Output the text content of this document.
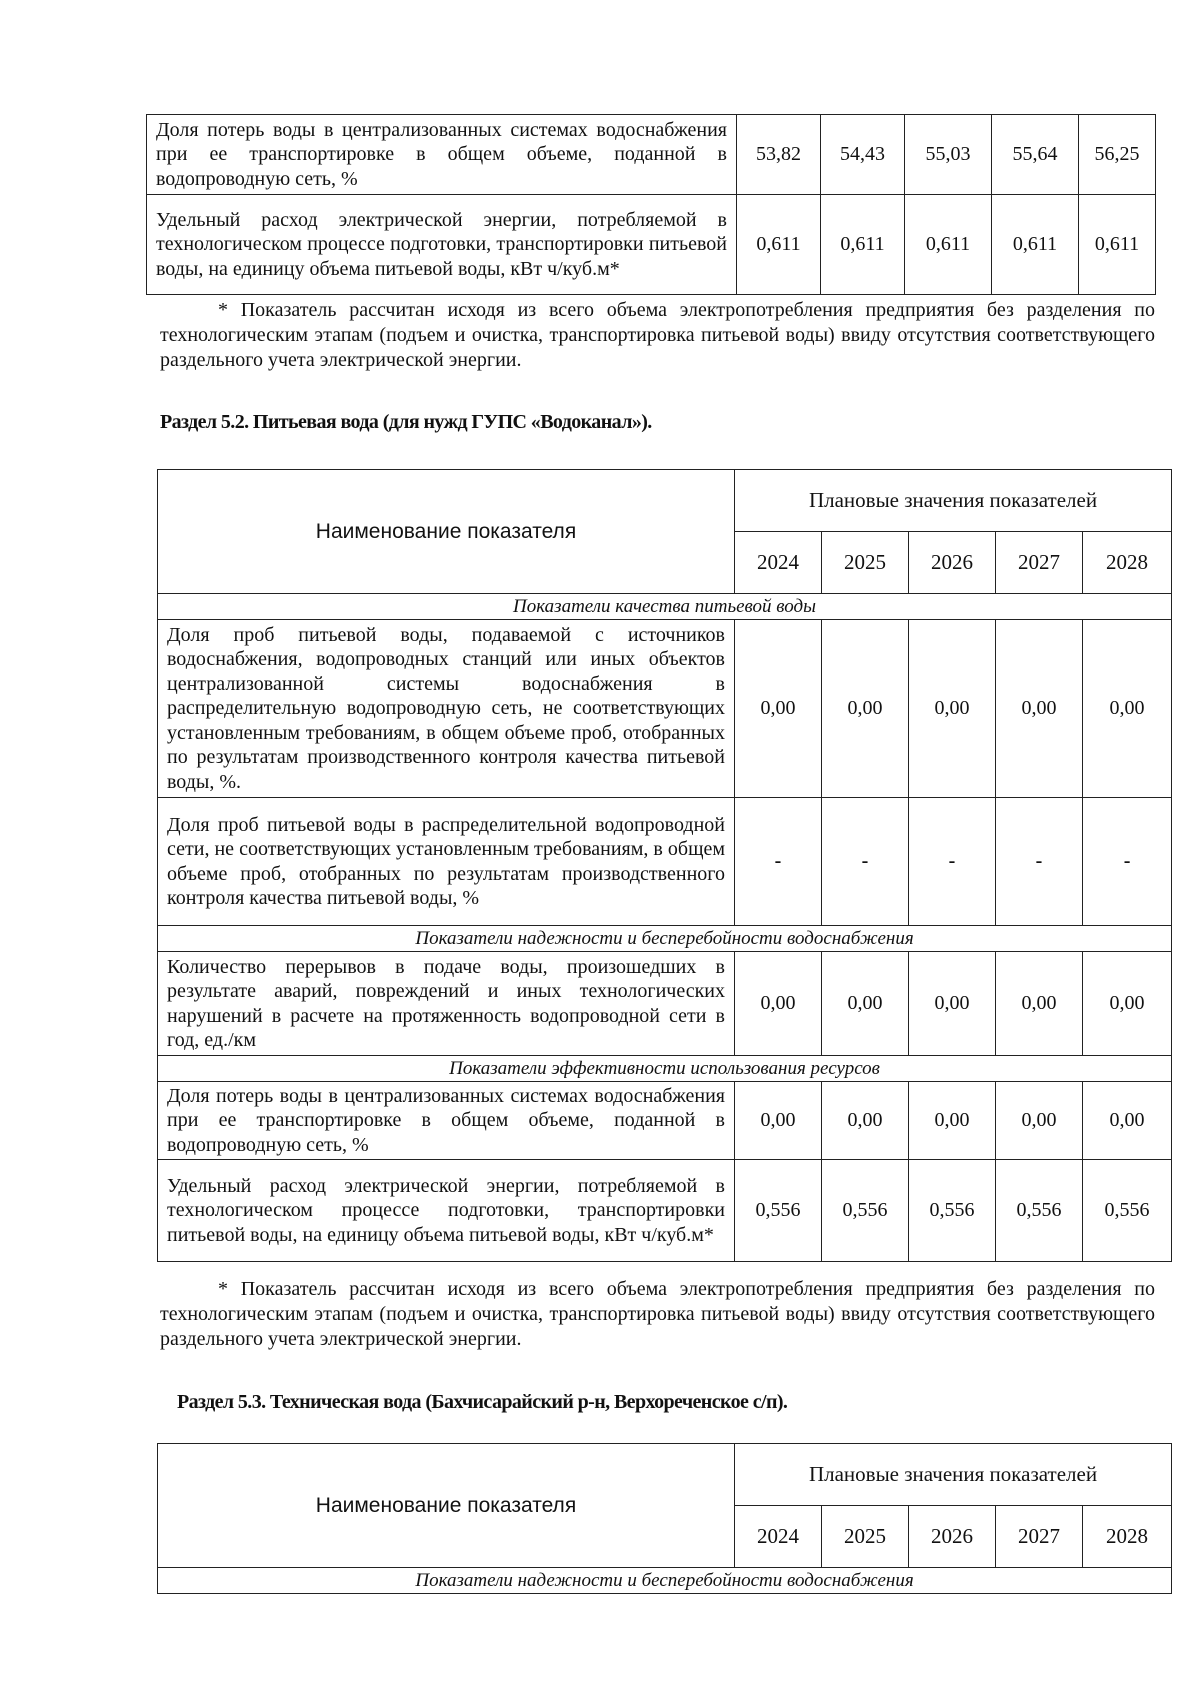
Доля потерь воды в централизованных системах водоснабжения при ее транспортировке в общем объеме, поданной в водопроводную сеть, %	53,82	54,43	55,03	55,64	56,25
Удельный расход электрической энергии, потребляемой в технологическом процессе подготовки, транспортировки питьевой воды, на единицу объема питьевой воды, кВт ч/куб.м*	0,611	0,611	0,611	0,611	0,611

* Показатель рассчитан исходя из всего объема электропотребления предприятия без разделения по технологическим этапам (подъем и очистка, транспортировка питьевой воды) ввиду отсутствия соответствующего раздельного учета электрической энергии.

Раздел 5.2. Питьевая вода (для нужд ГУПС «Водоканал»).
Наименование показателя	Плановые значения показателей				
	2024	2025	2026	2027	2028
Показатели качества питьевой воды					
Доля проб питьевой воды, подаваемой с источников водоснабжения, водопроводных станций или иных объектов централизованной системы водоснабжения в распределительную водопроводную сеть, не соответствующих установленным требованиям, в общем объеме проб, отобранных по результатам производственного контроля качества питьевой воды, %.	0,00	0,00	0,00	0,00	0,00
Доля проб питьевой воды в распределительной водопроводной сети, не соответствующих установленным требованиям, в общем объеме проб, отобранных по результатам производственного контроля качества питьевой воды, %	-	-	-	-	-
Показатели надежности и бесперебойности водоснабжения					
Количество перерывов в подаче воды, произошедших в результате аварий, повреждений и иных технологических нарушений в расчете на протяженность водопроводной сети в год, ед./км	0,00	0,00	0,00	0,00	0,00
Показатели эффективности использования ресурсов					
Доля потерь воды в централизованных системах водоснабжения при ее транспортировке в общем объеме, поданной в водопроводную сеть, %	0,00	0,00	0,00	0,00	0,00
Удельный расход электрической энергии, потребляемой в технологическом процессе подготовки, транспортировки питьевой воды, на единицу объема питьевой воды, кВт ч/куб.м*	0,556	0,556	0,556	0,556	0,556

* Показатель рассчитан исходя из всего объема электропотребления предприятия без разделения по технологическим этапам (подъем и очистка, транспортировка питьевой воды) ввиду отсутствия соответствующего раздельного учета электрической энергии.

Раздел 5.3. Техническая вода (Бахчисарайский р-н, Верхореченское с/п).
Наименование показателя	Плановые значения показателей				
	2024	2025	2026	2027	2028
Показатели надежности и бесперебойности водоснабжения					
